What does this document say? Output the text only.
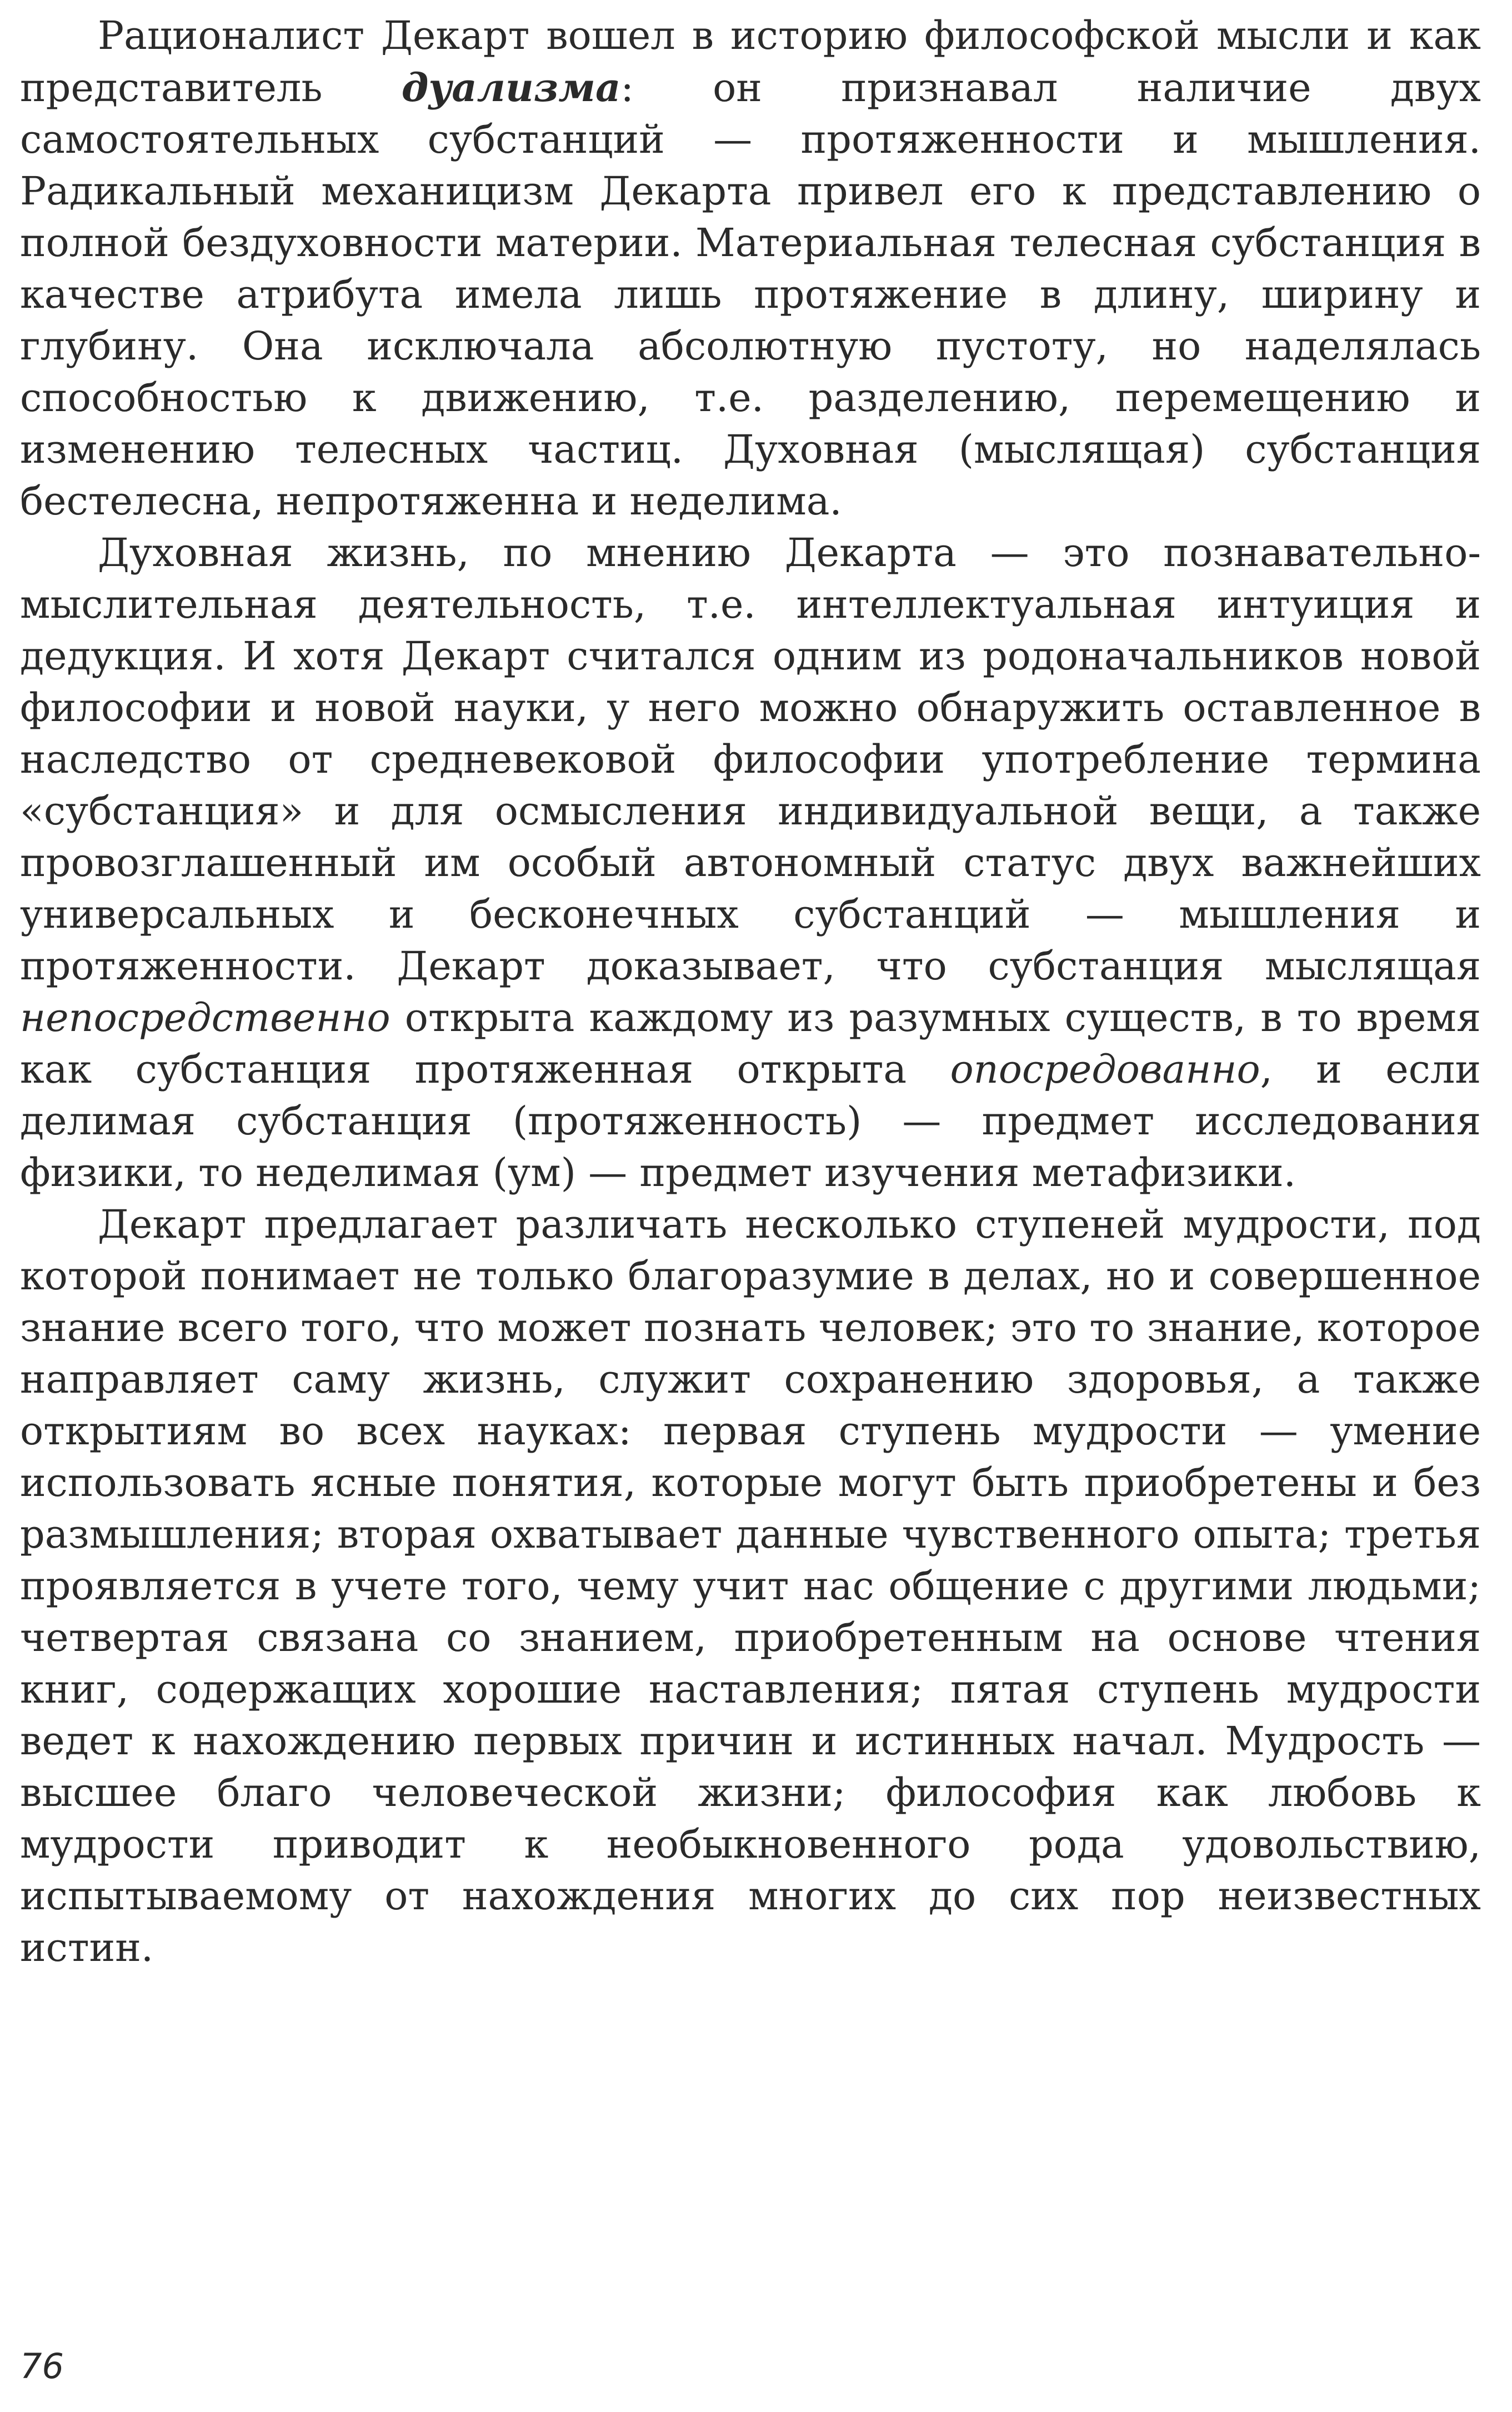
Рационалист Декарт вошел в историю философской мысли и как представитель дуализма: он признавал наличие двух самостоятельных субстанций — протяженности и мышления. Радикальный механицизм Декарта привел его к представлению о полной бездуховности материи. Материальная телесная субстанция в качестве атрибута имела лишь протяжение в длину, ширину и глубину. Она исключала абсолютную пустоту, но наделялась способностью к движению, т.е. разделению, перемещению и изменению телесных частиц. Духовная (мыслящая) субстанция бестелесна, непротяженна и неделима.

Духовная жизнь, по мнению Декарта — это познавательно-мыслительная деятельность, т.е. интеллектуальная интуиция и дедукция. И хотя Декарт считался одним из родоначальников новой философии и новой науки, у него можно обнаружить оставленное в наследство от средневековой философии употребление термина «субстанция» и для осмысления индивидуальной вещи, а также провозглашенный им особый автономный статус двух важнейших универсальных и бесконечных субстанций — мышления и протяженности. Декарт доказывает, что субстанция мыслящая непосредственно открыта каждому из разумных существ, в то время как субстанция протяженная открыта опосредованно, и если делимая субстанция (протяженность) — предмет исследования физики, то неделимая (ум) — предмет изучения метафизики.

Декарт предлагает различать несколько ступеней мудрости, под которой понимает не только благоразумие в делах, но и совершенное знание всего того, что может познать человек; это то знание, которое направляет саму жизнь, служит сохранению здоровья, а также открытиям во всех науках: первая ступень мудрости — умение использовать ясные понятия, которые могут быть приобретены и без размышления; вторая охватывает данные чувственного опыта; третья проявляется в учете того, чему учит нас общение с другими людьми; четвертая связана со знанием, приобретенным на основе чтения книг, содержащих хорошие наставления; пятая ступень мудрости ведет к нахождению первых причин и истинных начал. Мудрость — высшее благо человеческой жизни; философия как любовь к мудрости приводит к необыкновенного рода удовольствию, испытываемому от нахождения многих до сих пор неизвестных истин.

76
